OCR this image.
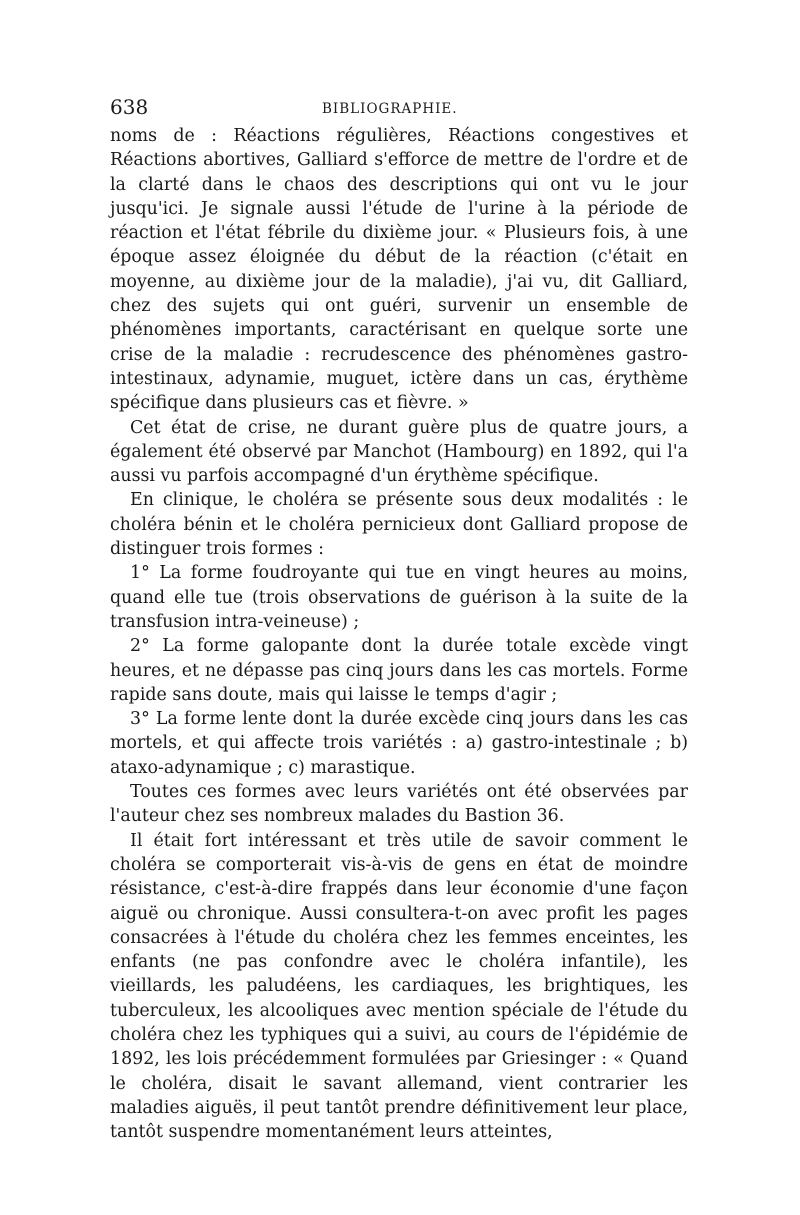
638	BIBLIOGRAPHIE.

noms de : Réactions régulières, Réactions congestives et Réactions abortives, Galliard s'efforce de mettre de l'ordre et de la clarté dans le chaos des descriptions qui ont vu le jour jusqu'ici. Je signale aussi l'étude de l'urine à la période de réaction et l'état fébrile du dixième jour. « Plusieurs fois, à une époque assez éloignée du début de la réaction (c'était en moyenne, au dixième jour de la maladie), j'ai vu, dit Galliard, chez des sujets qui ont guéri, survenir un ensemble de phénomènes importants, caractérisant en quelque sorte une crise de la maladie : recrudescence des phénomènes gastro-intestinaux, adynamie, muguet, ictère dans un cas, érythème spécifique dans plusieurs cas et fièvre. »

Cet état de crise, ne durant guère plus de quatre jours, a également été observé par Manchot (Hambourg) en 1892, qui l'a aussi vu parfois accompagné d'un érythème spécifique.

En clinique, le choléra se présente sous deux modalités : le choléra bénin et le choléra pernicieux dont Galliard propose de distinguer trois formes :

1° La forme foudroyante qui tue en vingt heures au moins, quand elle tue (trois observations de guérison à la suite de la transfusion intra-veineuse) ;

2° La forme galopante dont la durée totale excède vingt heures, et ne dépasse pas cinq jours dans les cas mortels. Forme rapide sans doute, mais qui laisse le temps d'agir ;

3° La forme lente dont la durée excède cinq jours dans les cas mortels, et qui affecte trois variétés : a) gastro-intestinale ; b) ataxo-adynamique ; c) marastique.

Toutes ces formes avec leurs variétés ont été observées par l'auteur chez ses nombreux malades du Bastion 36.

Il était fort intéressant et très utile de savoir comment le choléra se comporterait vis-à-vis de gens en état de moindre résistance, c'est-à-dire frappés dans leur économie d'une façon aiguë ou chronique. Aussi consultera-t-on avec profit les pages consacrées à l'étude du choléra chez les femmes enceintes, les enfants (ne pas confondre avec le choléra infantile), les vieillards, les paludéens, les cardiaques, les brightiques, les tuberculeux, les alcooliques avec mention spéciale de l'étude du choléra chez les typhiques qui a suivi, au cours de l'épidémie de 1892, les lois précédemment formulées par Griesinger : « Quand le choléra, disait le savant allemand, vient contrarier les maladies aiguës, il peut tantôt prendre définitivement leur place, tantôt suspendre momentanément leurs atteintes,
